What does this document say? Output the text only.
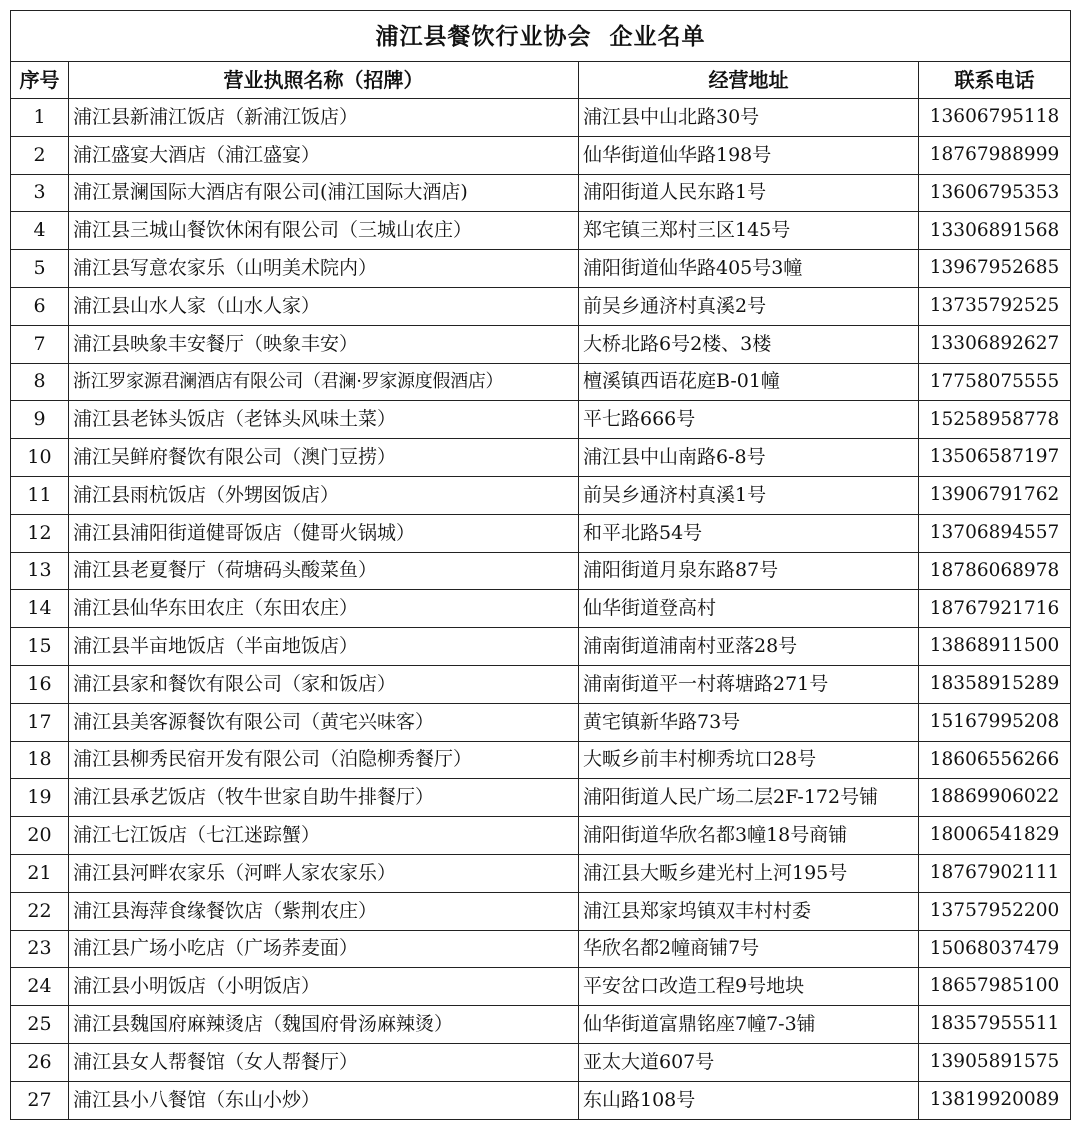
浦江县餐饮行业协会  企业名单			
序号	营业执照名称（招牌）	经营地址	联系电话
1	浦江县新浦江饭店（新浦江饭店）	浦江县中山北路30号	13606795118
2	浦江盛宴大酒店（浦江盛宴）	仙华街道仙华路198号	18767988999
3	浦江景澜国际大酒店有限公司(浦江国际大酒店)	浦阳街道人民东路1号	13606795353
4	浦江县三城山餐饮休闲有限公司（三城山农庄）	郑宅镇三郑村三区145号	13306891568
5	浦江县写意农家乐（山明美术院内）	浦阳街道仙华路405号3幢	13967952685
6	浦江县山水人家（山水人家）	前吴乡通济村真溪2号	13735792525
7	浦江县映象丰安餐厅（映象丰安）	大桥北路6号2楼、3楼	13306892627
8	浙江罗家源君澜酒店有限公司（君澜·罗家源度假酒店）	檀溪镇西语花庭B-01幢	17758075555
9	浦江县老钵头饭店（老钵头风味土菜）	平七路666号	15258958778
10	浦江吴鲜府餐饮有限公司（澳门豆捞）	浦江县中山南路6-8号	13506587197
11	浦江县雨杭饭店（外甥囡饭店）	前吴乡通济村真溪1号	13906791762
12	浦江县浦阳街道健哥饭店（健哥火锅城）	和平北路54号	13706894557
13	浦江县老夏餐厅（荷塘码头酸菜鱼）	浦阳街道月泉东路87号	18786068978
14	浦江县仙华东田农庄（东田农庄）	仙华街道登高村	18767921716
15	浦江县半亩地饭店（半亩地饭店）	浦南街道浦南村亚落28号	13868911500
16	浦江县家和餐饮有限公司（家和饭店）	浦南街道平一村蒋塘路271号	18358915289
17	浦江县美客源餐饮有限公司（黄宅兴味客）	黄宅镇新华路73号	15167995208
18	浦江县柳秀民宿开发有限公司（泊隐柳秀餐厅）	大畈乡前丰村柳秀坑口28号	18606556266
19	浦江县承艺饭店（牧牛世家自助牛排餐厅）	浦阳街道人民广场二层2F-172号铺	18869906022
20	浦江七江饭店（七江迷踪蟹）	浦阳街道华欣名都3幢18号商铺	18006541829
21	浦江县河畔农家乐（河畔人家农家乐）	浦江县大畈乡建光村上河195号	18767902111
22	浦江县海萍食缘餐饮店（紫荆农庄）	浦江县郑家坞镇双丰村村委	13757952200
23	浦江县广场小吃店（广场荞麦面）	华欣名都2幢商铺7号	15068037479
24	浦江县小明饭店（小明饭店）	平安岔口改造工程9号地块	18657985100
25	浦江县魏国府麻辣烫店（魏国府骨汤麻辣烫）	仙华街道富鼎铭座7幢7-3铺	18357955511
26	浦江县女人帮餐馆（女人帮餐厅）	亚太大道607号	13905891575
27	浦江县小八餐馆（东山小炒）	东山路108号	13819920089
